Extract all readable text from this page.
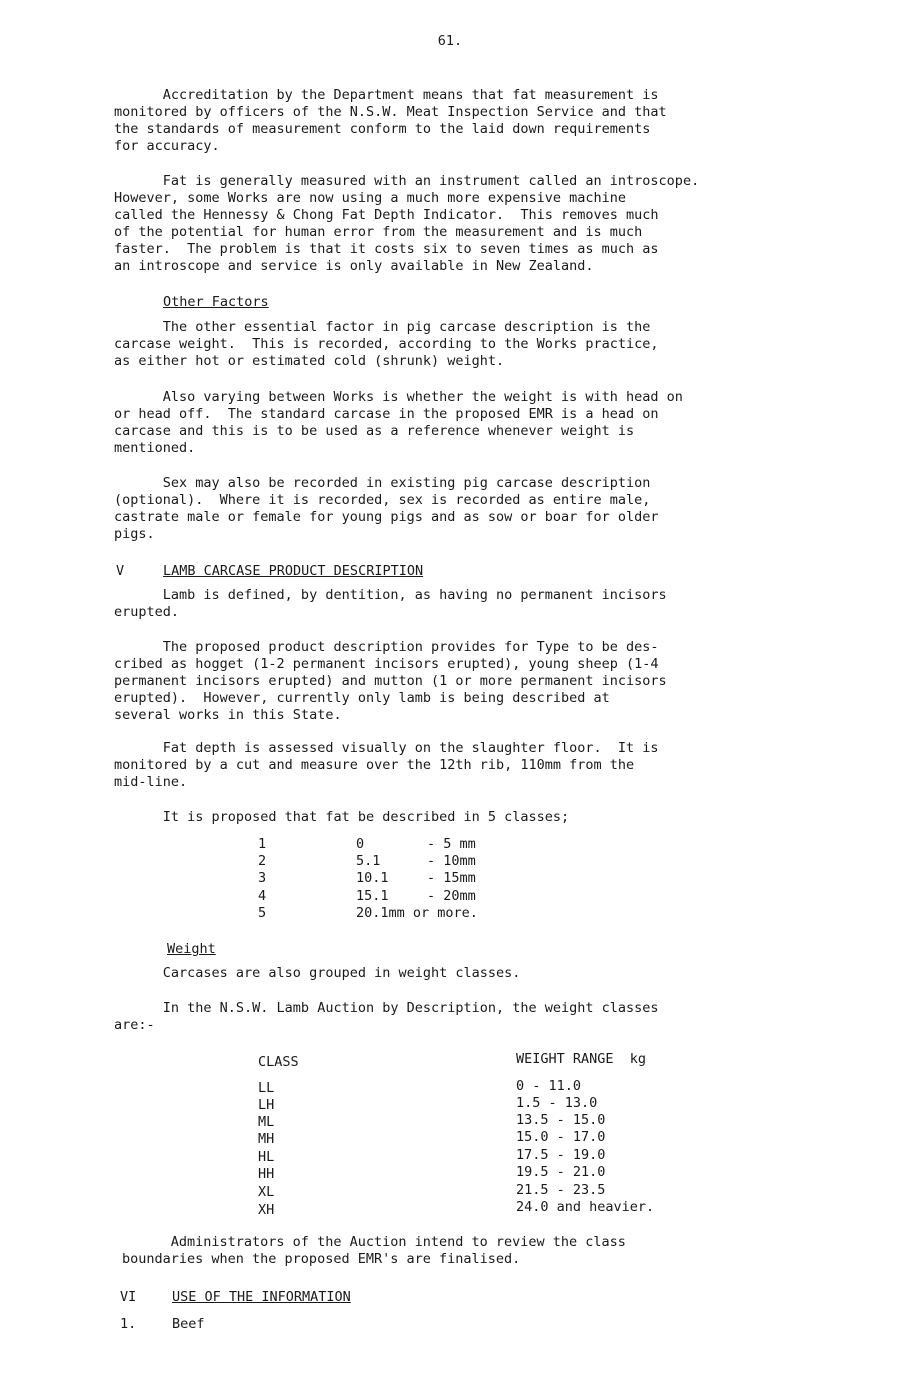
61.

Accreditation by the Department means that fat measurement is
monitored by officers of the N.S.W. Meat Inspection Service and that
the standards of measurement conform to the laid down requirements
for accuracy.

Fat is generally measured with an instrument called an introscope.
However, some Works are now using a much more expensive machine
called the Hennessy & Chong Fat Depth Indicator.  This removes much
of the potential for human error from the measurement and is much
faster.  The problem is that it costs six to seven times as much as
an introscope and service is only available in New Zealand.

Other Factors

The other essential factor in pig carcase description is the
carcase weight.  This is recorded, according to the Works practice,
as either hot or estimated cold (shrunk) weight.

Also varying between Works is whether the weight is with head on
or head off.  The standard carcase in the proposed EMR is a head on
carcase and this is to be used as a reference whenever weight is
mentioned.

Sex may also be recorded in existing pig carcase description
(optional).  Where it is recorded, sex is recorded as entire male,
castrate male or female for young pigs and as sow or boar for older
pigs.

V	LAMB CARCASE PRODUCT DESCRIPTION

Lamb is defined, by dentition, as having no permanent incisors
erupted.

The proposed product description provides for Type to be des-
cribed as hogget (1-2 permanent incisors erupted), young sheep (1-4
permanent incisors erupted) and mutton (1 or more permanent incisors
erupted).  However, currently only lamb is being described at
several works in this State.

Fat depth is assessed visually on the slaughter floor.  It is
monitored by a cut and measure over the 12th rib, 110mm from the
mid-line.

It is proposed that fat be described in 5 classes;

1	0	- 5 mm
2	5.1	- 10mm
3	10.1	- 15mm
4	15.1	- 20mm
5	20.1mm or more.
Weight

Carcases are also grouped in weight classes.

In the N.S.W. Lamb Auction by Description, the weight classes
are:-

CLASS	WEIGHT RANGE  kg
LL	0 - 11.0
LH	1.5 - 13.0
ML	13.5 - 15.0
MH	15.0 - 17.0
HL	17.5 - 19.0
HH	19.5 - 21.0
XL	21.5 - 23.5
XH	24.0 and heavier.

Administrators of the Auction intend to review the class
boundaries when the proposed EMR's are finalised.

VI	USE OF THE INFORMATION
1.	Beef
